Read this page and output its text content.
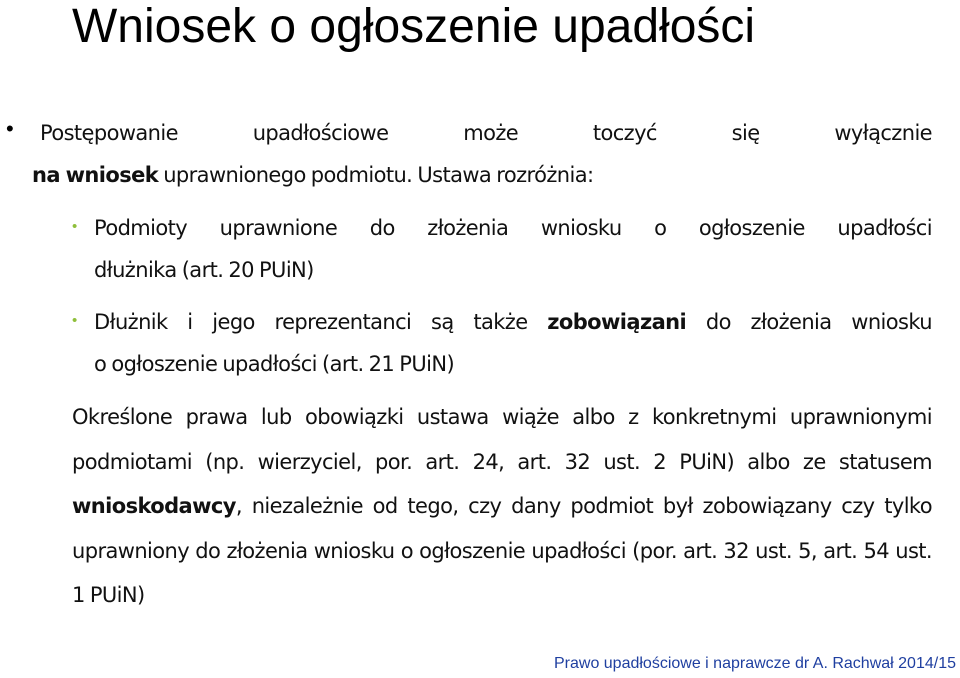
Wniosek o ogłoszenie upadłości
•	Postępowanie upadłościowe może toczyć się wyłącznie
na wniosek uprawnionego podmiotu. Ustawa rozróżnia:
• Podmioty uprawnione do złożenia wniosku o ogłoszenie upadłości
dłużnika (art. 20 PUiN)
• Dłużnik i jego reprezentanci są także zobowiązani do złożenia wniosku
o ogłoszenie upadłości (art. 21 PUiN)
Określone prawa lub obowiązki ustawa wiąże albo z konkretnymi uprawnionymi podmiotami (np. wierzyciel, por. art. 24, art. 32 ust. 2 PUiN) albo ze statusem wnioskodawcy, niezależnie od tego, czy dany podmiot był zobowiązany czy tylko uprawniony do złożenia wniosku o ogłoszenie upadłości (por. art. 32 ust. 5, art. 54 ust. 1 PUiN)
Prawo upadłościowe i naprawcze dr A. Rachwał 2014/15
